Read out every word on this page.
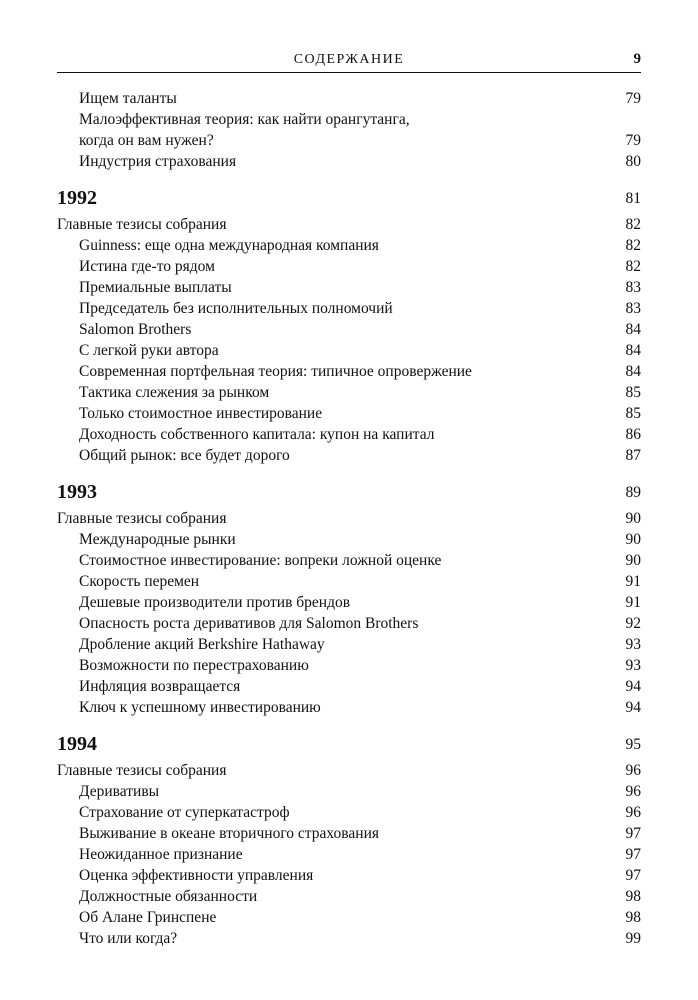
СОДЕРЖАНИЕ	9
Ищем таланты	79
Малоэффективная теория: как найти орангутанга,
когда он вам нужен?	79
Индустрия страхования	80
1992	81
Главные тезисы собрания	82
Guinness: еще одна международная компания	82
Истина где-то рядом	82
Премиальные выплаты	83
Председатель без исполнительных полномочий	83
Salomon Brothers	84
С легкой руки автора	84
Современная портфельная теория: типичное опровержение	84
Тактика слежения за рынком	85
Только стоимостное инвестирование	85
Доходность собственного капитала: купон на капитал	86
Общий рынок: все будет дорого	87
1993	89
Главные тезисы собрания	90
Международные рынки	90
Стоимостное инвестирование: вопреки ложной оценке	90
Скорость перемен	91
Дешевые производители против брендов	91
Опасность роста деривативов для Salomon Brothers	92
Дробление акций Berkshire Hathaway	93
Возможности по перестрахованию	93
Инфляция возвращается	94
Ключ к успешному инвестированию	94
1994	95
Главные тезисы собрания	96
Деривативы	96
Страхование от суперкатастроф	96
Выживание в океане вторичного страхования	97
Неожиданное признание	97
Оценка эффективности управления	97
Должностные обязанности	98
Об Алане Гринспене	98
Что или когда?	99
